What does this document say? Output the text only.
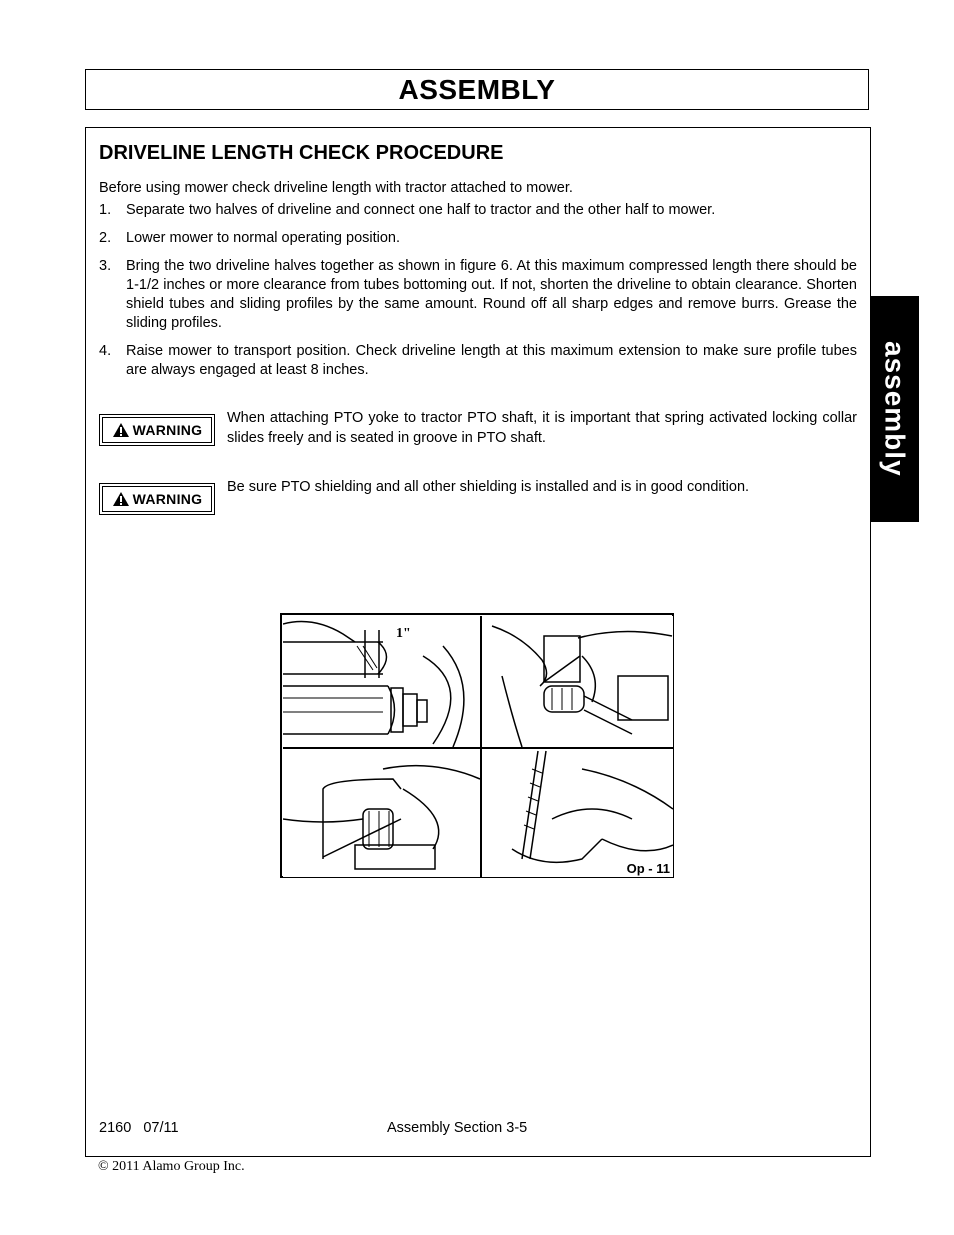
ASSEMBLY
DRIVELINE LENGTH CHECK PROCEDURE

Before using mower check driveline length with tractor attached to mower.

1.	Separate two halves of driveline and connect one half to tractor and the other half to mower.
2.	Lower mower to normal operating position.
3.	Bring the two driveline halves together as shown in figure 6. At this maximum compressed length there should be 1-1/2 inches or more clearance from tubes bottoming out. If not, shorten the driveline to obtain clearance. Shorten shield tubes and sliding profiles by the same amount. Round off all sharp edges and remove burrs. Grease the sliding profiles.
4.	Raise mower to transport position. Check driveline length at this maximum extension to make sure profile tubes are always engaged at least 8 inches.
WARNING
When attaching PTO yoke to tractor PTO shaft, it is important that spring activated locking collar slides freely and is seated in groove in PTO shaft.
WARNING
Be sure PTO shielding and all other shielding is installed and is in good condition.
1"
Op - 11
2160   07/11	Assembly Section 3-5
© 2011 Alamo Group Inc.
assembly
